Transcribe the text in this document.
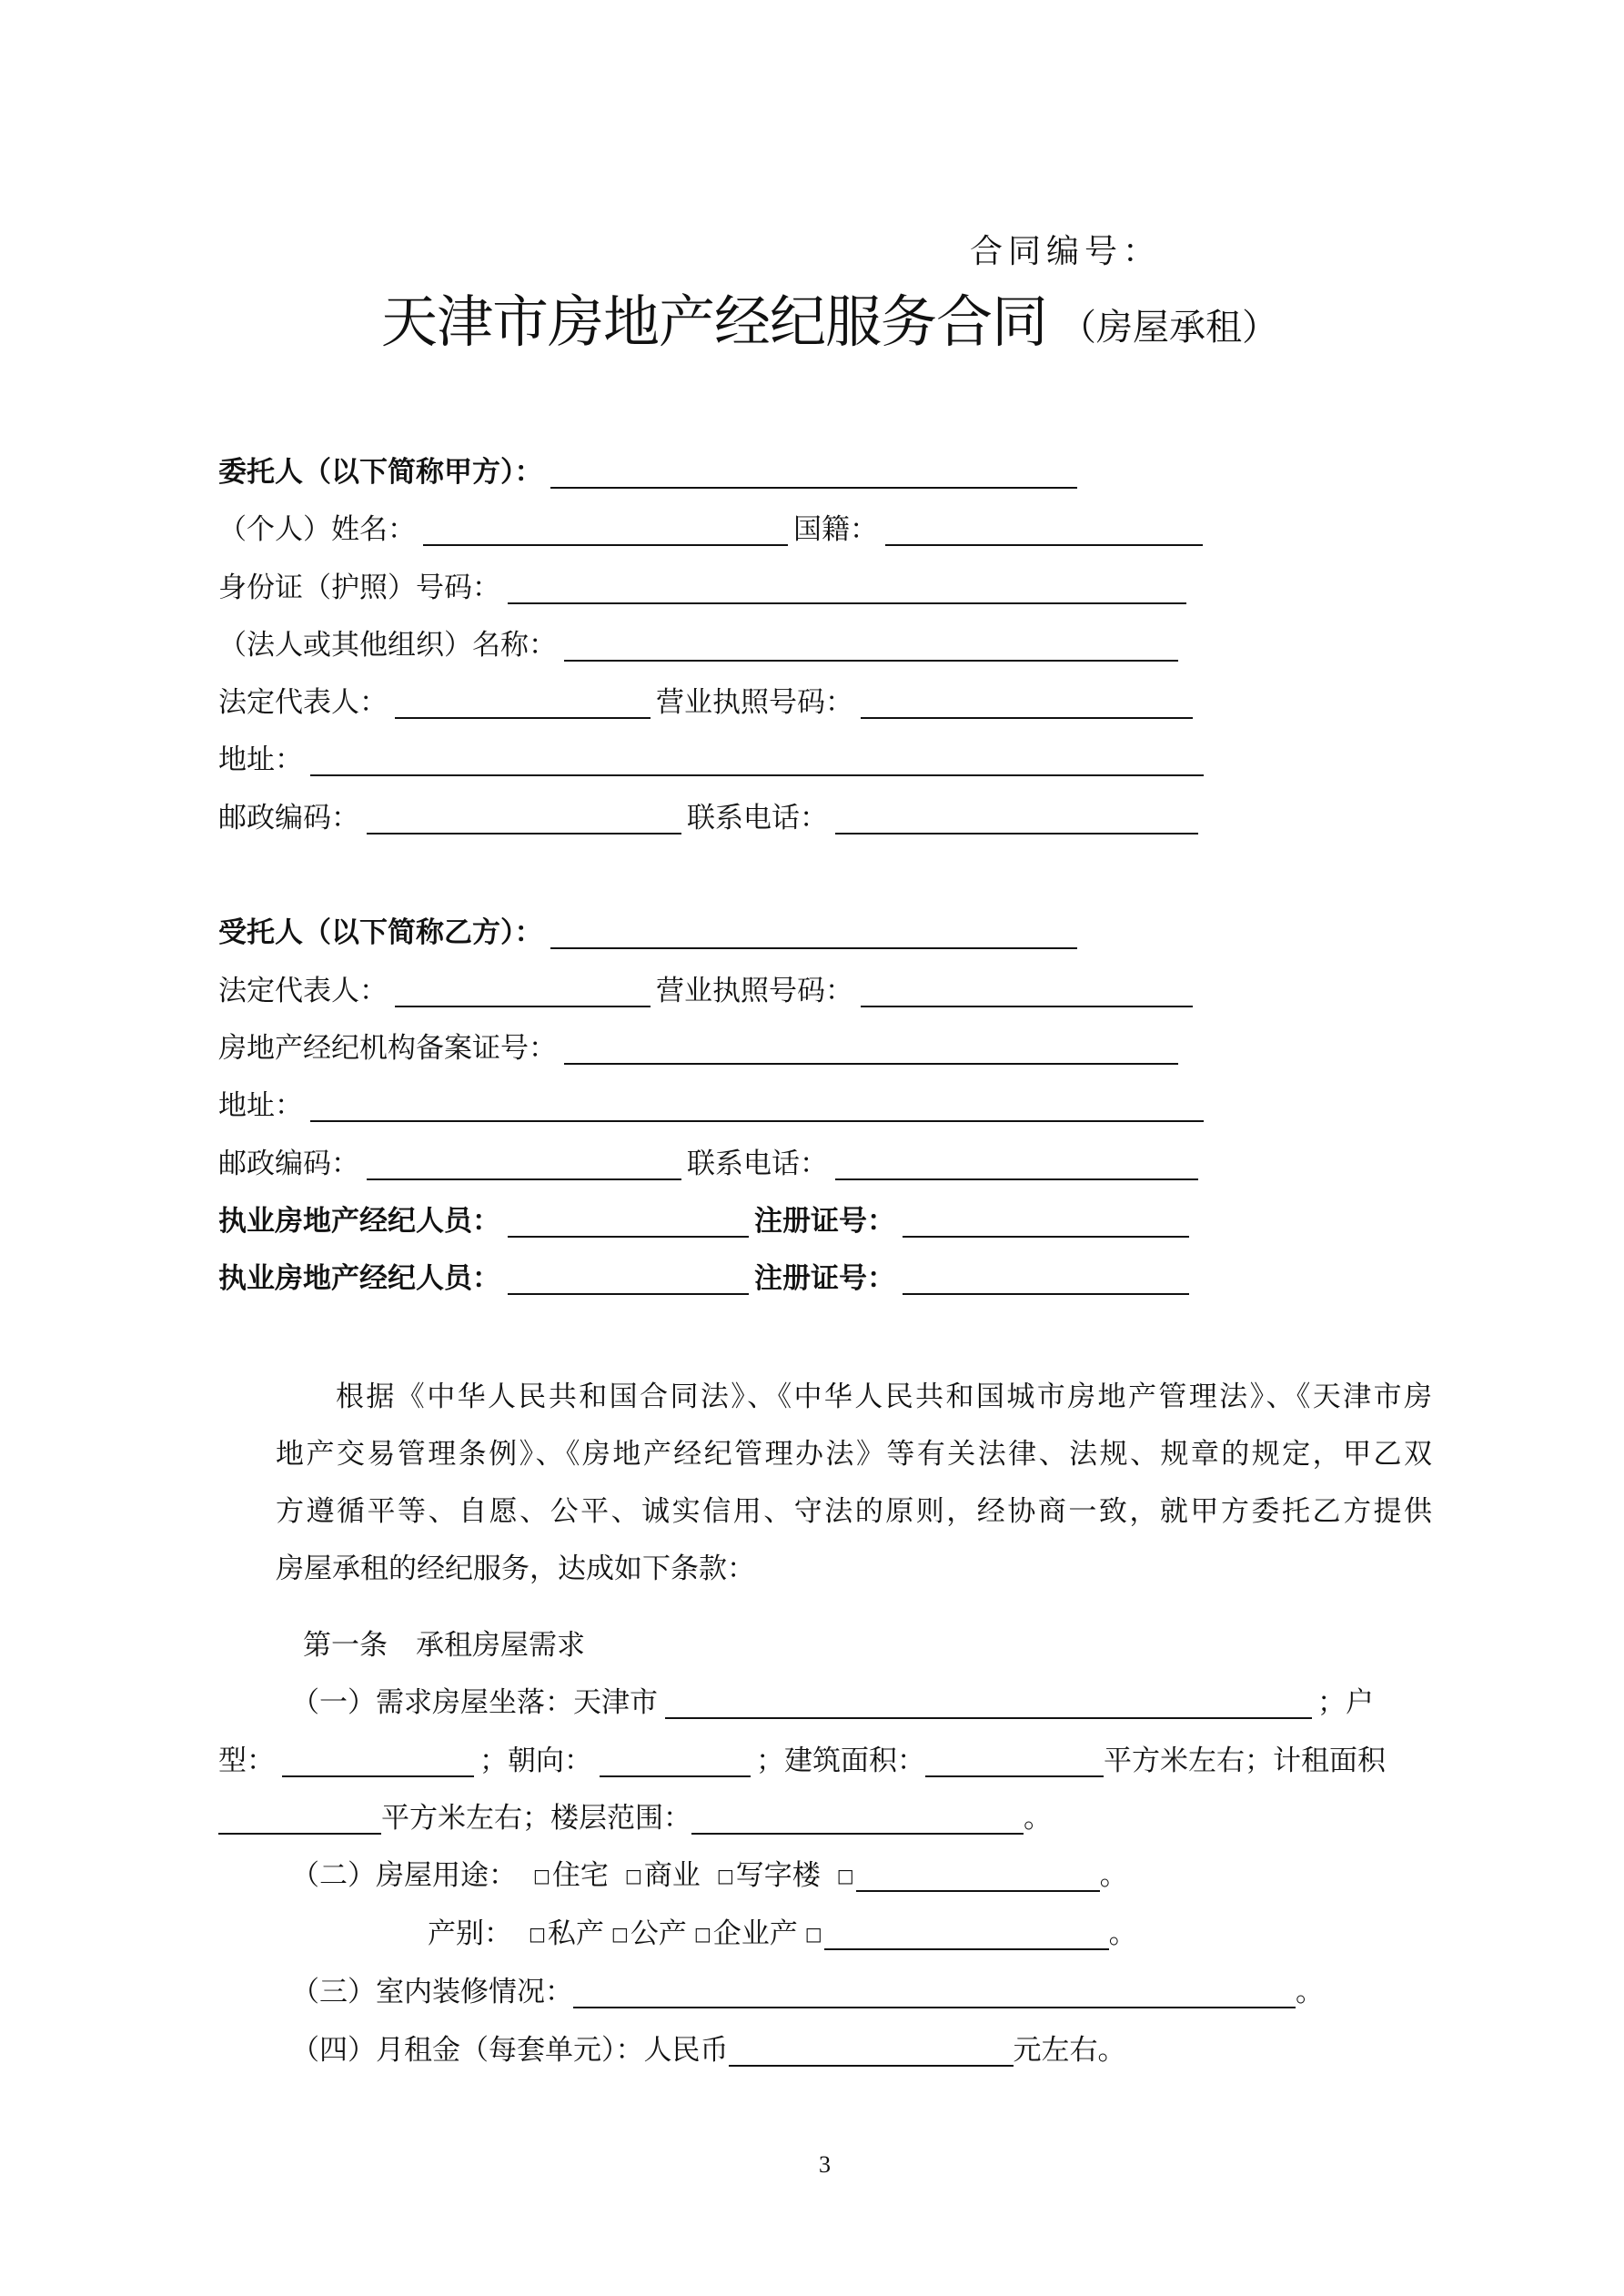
合同编号：
天津市房地产经纪服务合同 （房屋承租）
委托人（以下简称甲方）：
（个人）姓名：	国籍：
身份证（护照）号码：
（法人或其他组织）名称：
法定代表人：	营业执照号码：
地址：
邮政编码：	联系电话：
受托人（以下简称乙方）：
法定代表人：	营业执照号码：
房地产经纪机构备案证号：
地址：
邮政编码：	联系电话：
执业房地产经纪人员：	注册证号：
执业房地产经纪人员：	注册证号：
根据《中华人民共和国合同法》、《中华人民共和国城市房地产管理法》、《天津市房
地产交易管理条例》、《房地产经纪管理办法》等有关法律、法规、规章的规定，甲乙双
方遵循平等、自愿、公平、诚实信用、守法的原则，经协商一致，就甲方委托乙方提供
房屋承租的经纪服务，达成如下条款：
第一条　承租房屋需求
（一）需求房屋坐落：天津市	；户
型：	；朝向：	；建筑面积：	平方米左右；计租面积
平方米左右；楼层范围：	。
（二）房屋用途： □ 住宅 □ 商业 □ 写字楼 □	。
产别： □ 私产 □ 公产 □ 企业产 □	。
（三）室内装修情况：	。
（四）月租金（每套单元）：人民币	元左右。
3
